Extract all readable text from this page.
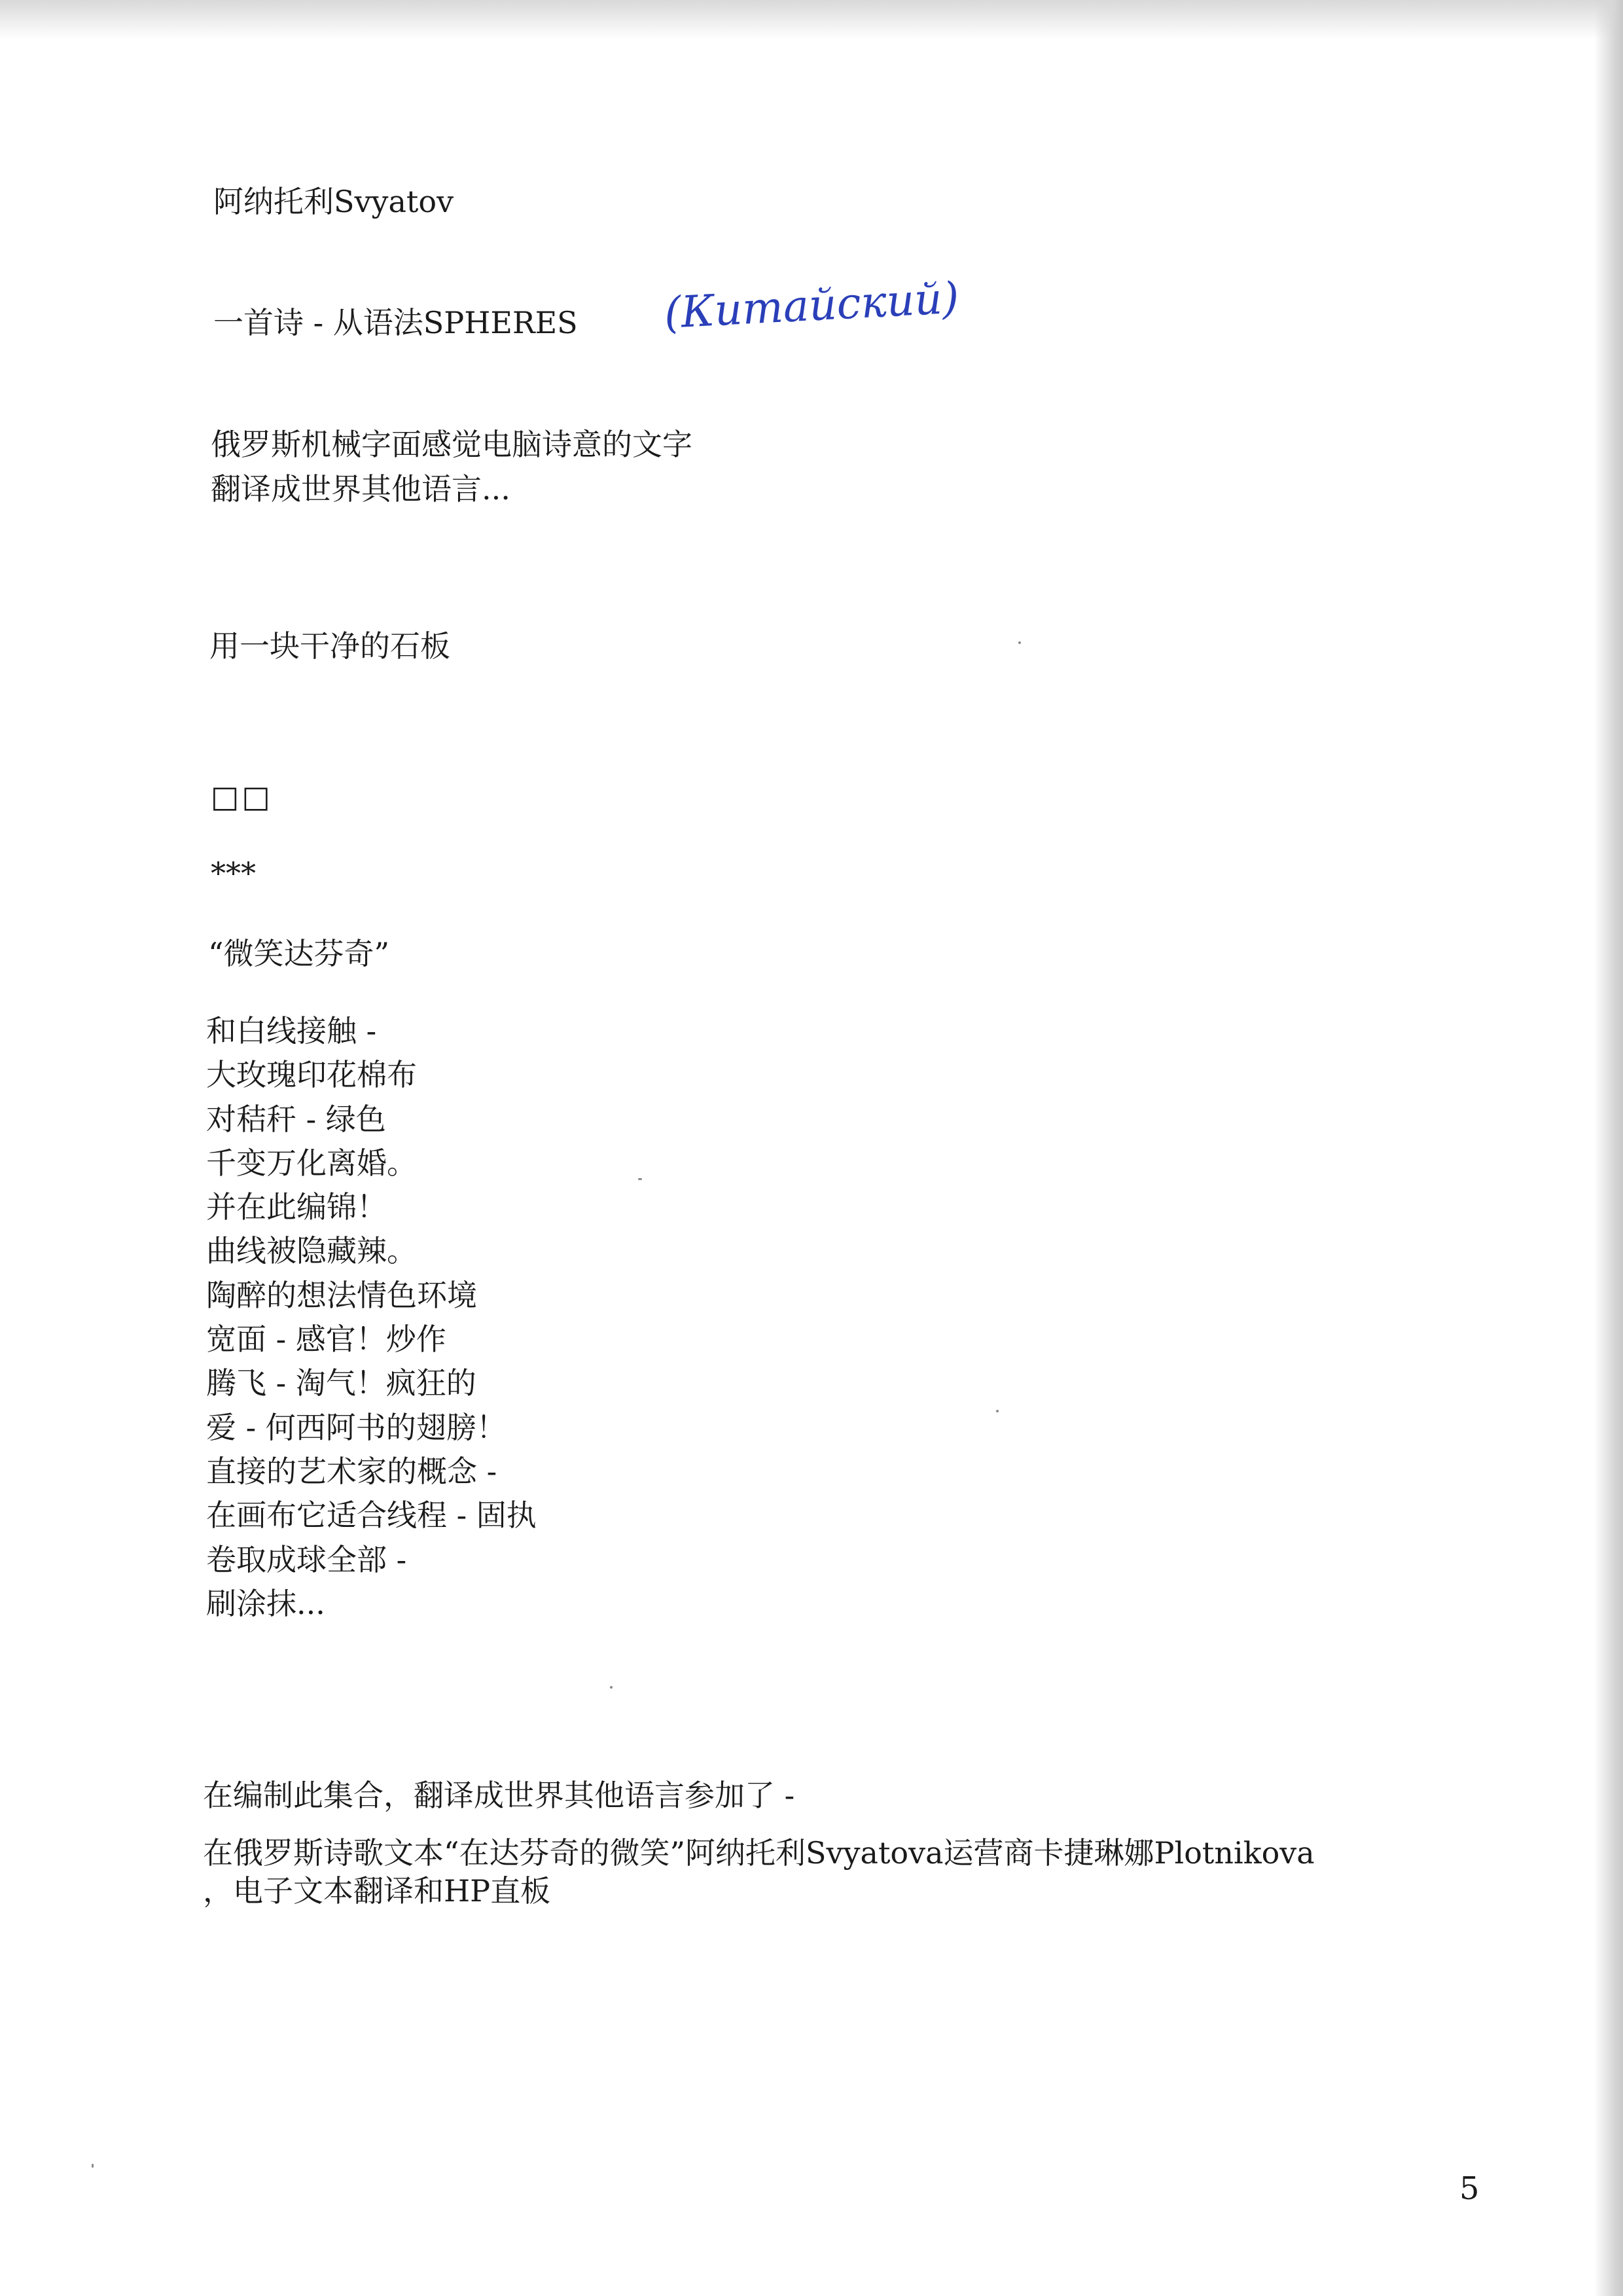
阿纳托利Svyatov
一首诗 - 从语法SPHERES (Китайский)
俄罗斯机械字面感觉电脑诗意的文字
翻译成世界其他语言...
用一块干净的石板
□□
***
“微笑达芬奇”
和白线接触 -
大玫瑰印花棉布
对秸秆 - 绿色
千变万化离婚。
并在此编锦！
曲线被隐藏辣。
陶醉的想法情色环境
宽面 - 感官！炒作
腾飞 - 淘气！疯狂的
爱 - 何西阿书的翅膀！
直接的艺术家的概念 -
在画布它适合线程 - 固执
卷取成球全部 -
刷涂抹...
在编制此集合，翻译成世界其他语言参加了 -
在俄罗斯诗歌文本“在达芬奇的微笑”阿纳托利Svyatova运营商卡捷琳娜Plotnikova
，电子文本翻译和HP直板
5
